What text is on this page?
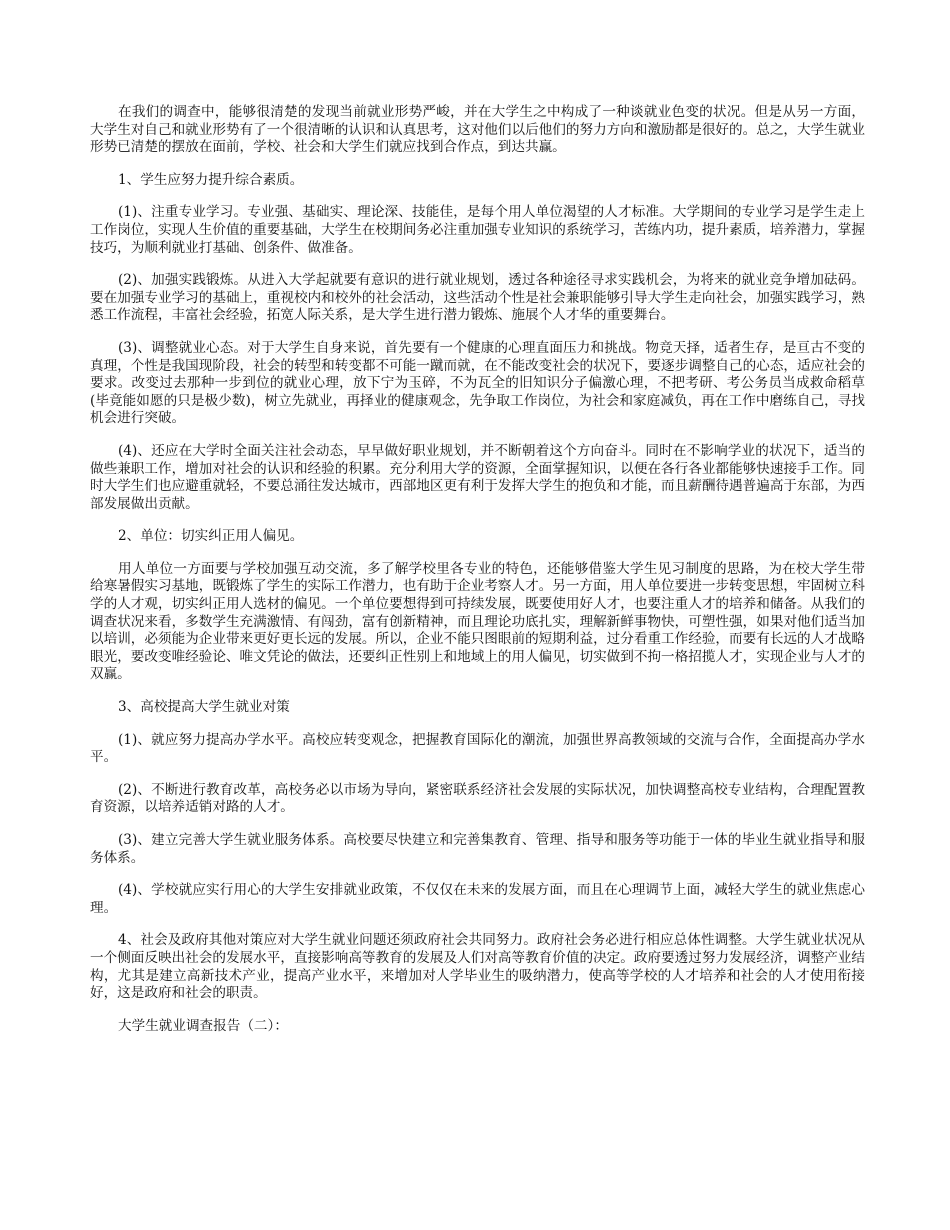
在我们的调查中，能够很清楚的发现当前就业形势严峻，并在大学生之中构成了一种谈就业色变的状况。但是从另一方面，大学生对自己和就业形势有了一个很清晰的认识和认真思考，这对他们以后他们的努力方向和激励都是很好的。总之，大学生就业形势已清楚的摆放在面前，学校、社会和大学生们就应找到合作点，到达共赢。

1、学生应努力提升综合素质。

(1)、注重专业学习。专业强、基础实、理论深、技能佳，是每个用人单位渴望的人才标准。大学期间的专业学习是学生走上工作岗位，实现人生价值的重要基础，大学生在校期间务必注重加强专业知识的系统学习，苦练内功，提升素质，培养潜力，掌握技巧，为顺利就业打基础、创条件、做准备。

(2)、加强实践锻炼。从进入大学起就要有意识的进行就业规划，透过各种途径寻求实践机会，为将来的就业竞争增加砝码。要在加强专业学习的基础上，重视校内和校外的社会活动，这些活动个性是社会兼职能够引导大学生走向社会，加强实践学习，熟悉工作流程，丰富社会经验，拓宽人际关系，是大学生进行潜力锻炼、施展个人才华的重要舞台。

(3)、调整就业心态。对于大学生自身来说，首先要有一个健康的心理直面压力和挑战。物竞天择，适者生存，是亘古不变的真理，个性是我国现阶段，社会的转型和转变都不可能一蹴而就，在不能改变社会的状况下，要逐步调整自己的心态，适应社会的要求。改变过去那种一步到位的就业心理，放下宁为玉碎，不为瓦全的旧知识分子偏激心理，不把考研、考公务员当成救命稻草(毕竟能如愿的只是极少数)，树立先就业，再择业的健康观念，先争取工作岗位，为社会和家庭减负，再在工作中磨练自己，寻找机会进行突破。

(4)、还应在大学时全面关注社会动态，早早做好职业规划，并不断朝着这个方向奋斗。同时在不影响学业的状况下，适当的做些兼职工作，增加对社会的认识和经验的积累。充分利用大学的资源，全面掌握知识，以便在各行各业都能够快速接手工作。同时大学生们也应避重就轻，不要总涌往发达城市，西部地区更有利于发挥大学生的抱负和才能，而且薪酬待遇普遍高于东部，为西部发展做出贡献。

2、单位：切实纠正用人偏见。

用人单位一方面要与学校加强互动交流，多了解学校里各专业的特色，还能够借鉴大学生见习制度的思路，为在校大学生带给寒暑假实习基地，既锻炼了学生的实际工作潜力，也有助于企业考察人才。另一方面，用人单位要进一步转变思想，牢固树立科学的人才观，切实纠正用人选材的偏见。一个单位要想得到可持续发展，既要使用好人才，也要注重人才的培养和储备。从我们的调查状况来看，多数学生充满激情、有闯劲，富有创新精神，而且理论功底扎实，理解新鲜事物快，可塑性强，如果对他们适当加以培训，必须能为企业带来更好更长远的发展。所以，企业不能只图眼前的短期利益，过分看重工作经验，而要有长远的人才战略眼光，要改变唯经验论、唯文凭论的做法，还要纠正性别上和地域上的用人偏见，切实做到不拘一格招揽人才，实现企业与人才的双赢。

3、高校提高大学生就业对策

(1)、就应努力提高办学水平。高校应转变观念，把握教育国际化的潮流，加强世界高教领域的交流与合作，全面提高办学水平。

(2)、不断进行教育改革，高校务必以市场为导向，紧密联系经济社会发展的实际状况，加快调整高校专业结构，合理配置教育资源，以培养适销对路的人才。

(3)、建立完善大学生就业服务体系。高校要尽快建立和完善集教育、管理、指导和服务等功能于一体的毕业生就业指导和服务体系。

(4)、学校就应实行用心的大学生安排就业政策，不仅仅在未来的发展方面，而且在心理调节上面，减轻大学生的就业焦虑心理。

4、社会及政府其他对策应对大学生就业问题还须政府社会共同努力。政府社会务必进行相应总体性调整。大学生就业状况从一个侧面反映出社会的发展水平，直接影响高等教育的发展及人们对高等教育价值的决定。政府要透过努力发展经济，调整产业结构，尤其是建立高新技术产业，提高产业水平，来增加对人学毕业生的吸纳潜力，使高等学校的人才培养和社会的人才使用衔接好，这是政府和社会的职责。

大学生就业调查报告（二）：
